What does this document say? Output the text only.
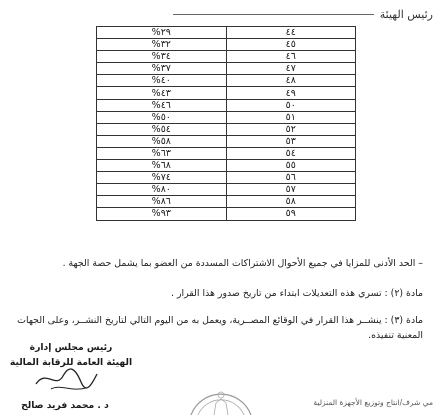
رئيس الهيئة
٤٤	٢٩%
٤٥	٣٢%
٤٦	٣٤%
٤٧	٣٧%
٤٨	٤٠%
٤٩	٤٣%
٥٠	٤٦%
٥١	٥٠%
٥٢	٥٤%
٥٣	٥٨%
٥٤	٦٣%
٥٥	٦٨%
٥٦	٧٤%
٥٧	٨٠%
٥٨	٨٦%
٥٩	٩٣%

– الحد الأدنى للمزايا في جميع الأحوال الاشتراكات المسددة من العضو بما يشمل حصة الجهة .

مادة (٢) : تسري هذه التعديلات ابتداء من تاريخ صدور هذا القرار .

مادة (٣) : ينشــر هذا القرار في الوقائع المصــرية، ويعمل به من اليوم التالي لتاريخ النشــر، وعلى الجهات المعنية تنفيذه.

رئيس مجلس إدارة
الهيئة العامة للرقابة المالية
د . محمد فريد صالح	مي شرف/انتاج وتوزيع الأجهزة المنزلية
